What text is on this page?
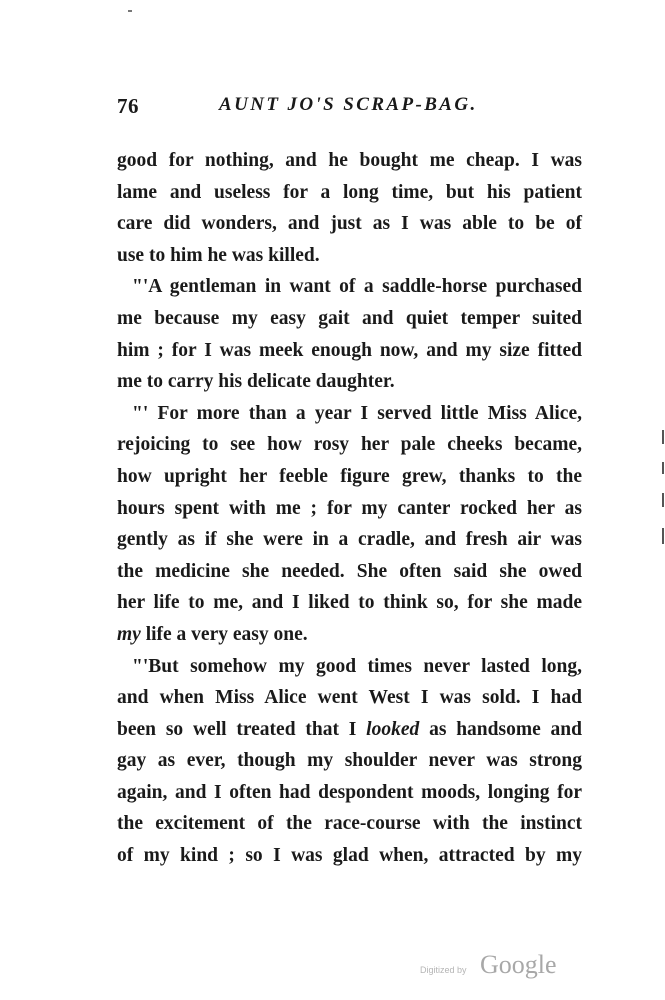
76	AUNT JO'S SCRAP-BAG.
good for nothing, and he bought me cheap. I was
lame and useless for a long time, but his patient
care did wonders, and just as I was able to be of
use to him he was killed.
"'A gentleman in want of a saddle-horse purchased
me because my easy gait and quiet temper suited
him ; for I was meek enough now, and my size fitted
me to carry his delicate daughter.
"' For more than a year I served little Miss Alice,
rejoicing to see how rosy her pale cheeks became,
how upright her feeble figure grew, thanks to the
hours spent with me ; for my canter rocked her as
gently as if she were in a cradle, and fresh air was
the medicine she needed. She often said she owed
her life to me, and I liked to think so, for she made
my life a very easy one.
"'But somehow my good times never lasted long,
and when Miss Alice went West I was sold. I had
been so well treated that I looked as handsome and
gay as ever, though my shoulder never was strong
again, and I often had despondent moods, longing for
the excitement of the race-course with the instinct
of my kind ; so I was glad when, attracted by my
Digitized by Google
